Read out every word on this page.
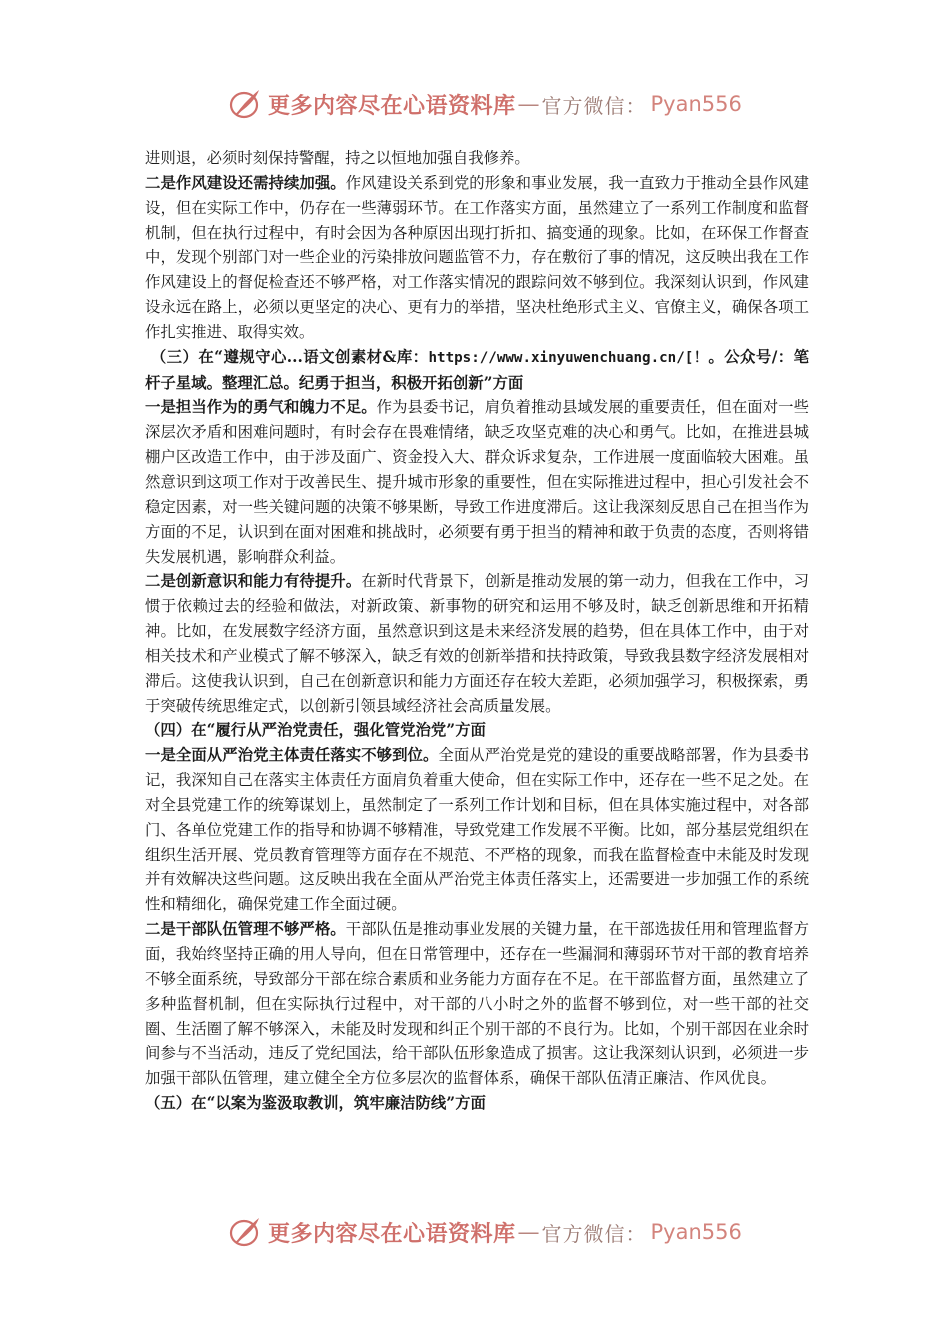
更多内容尽在心语资料库 — 官方微信： Pyan556

进则退，必须时刻保持警醒，持之以恒地加强自我修养。

二是作风建设还需持续加强。作风建设关系到党的形象和事业发展，我一直致力于推动全县作风建设，但在实际工作中，仍存在一些薄弱环节。在工作落实方面，虽然建立了一系列工作制度和监督机制，但在执行过程中，有时会因为各种原因出现打折扣、搞变通的现象。比如，在环保工作督查中，发现个别部门对一些企业的污染排放问题监管不力，存在敷衍了事的情况，这反映出我在工作作风建设上的督促检查还不够严格，对工作落实情况的跟踪问效不够到位。我深刻认识到，作风建设永远在路上，必须以更坚定的决心、更有力的举措，坚决杜绝形式主义、官僚主义，确保各项工作扎实推进、取得实效。

（三）在“遵规守心...语文创素材&库：https://www.xinyuwenchuang.cn/[！。公众号/：笔杆子星域。整理汇总。纪勇于担当，积极开拓创新”方面

一是担当作为的勇气和魄力不足。作为县委书记，肩负着推动县域发展的重要责任，但在面对一些深层次矛盾和困难问题时，有时会存在畏难情绪，缺乏攻坚克难的决心和勇气。比如，在推进县城棚户区改造工作中，由于涉及面广、资金投入大、群众诉求复杂，工作进展一度面临较大困难。虽然意识到这项工作对于改善民生、提升城市形象的重要性，但在实际推进过程中，担心引发社会不稳定因素，对一些关键问题的决策不够果断，导致工作进度滞后。这让我深刻反思自己在担当作为方面的不足，认识到在面对困难和挑战时，必须要有勇于担当的精神和敢于负责的态度，否则将错失发展机遇，影响群众利益。

二是创新意识和能力有待提升。在新时代背景下，创新是推动发展的第一动力，但我在工作中，习惯于依赖过去的经验和做法，对新政策、新事物的研究和运用不够及时，缺乏创新思维和开拓精神。比如，在发展数字经济方面，虽然意识到这是未来经济发展的趋势，但在具体工作中，由于对相关技术和产业模式了解不够深入，缺乏有效的创新举措和扶持政策，导致我县数字经济发展相对滞后。这使我认识到，自己在创新意识和能力方面还存在较大差距，必须加强学习，积极探索，勇于突破传统思维定式，以创新引领县域经济社会高质量发展。

（四）在“履行从严治党责任，强化管党治党”方面

一是全面从严治党主体责任落实不够到位。全面从严治党是党的建设的重要战略部署，作为县委书记，我深知自己在落实主体责任方面肩负着重大使命，但在实际工作中，还存在一些不足之处。在对全县党建工作的统筹谋划上，虽然制定了一系列工作计划和目标，但在具体实施过程中，对各部门、各单位党建工作的指导和协调不够精准，导致党建工作发展不平衡。比如，部分基层党组织在组织生活开展、党员教育管理等方面存在不规范、不严格的现象，而我在监督检查中未能及时发现并有效解决这些问题。这反映出我在全面从严治党主体责任落实上，还需要进一步加强工作的系统性和精细化，确保党建工作全面过硬。

二是干部队伍管理不够严格。干部队伍是推动事业发展的关键力量，在干部选拔任用和管理监督方面，我始终坚持正确的用人导向，但在日常管理中，还存在一些漏洞和薄弱环节对干部的教育培养不够全面系统，导致部分干部在综合素质和业务能力方面存在不足。在干部监督方面，虽然建立了多种监督机制，但在实际执行过程中，对干部的八小时之外的监督不够到位，对一些干部的社交圈、生活圈了解不够深入，未能及时发现和纠正个别干部的不良行为。比如，个别干部因在业余时间参与不当活动，违反了党纪国法，给干部队伍形象造成了损害。这让我深刻认识到，必须进一步加强干部队伍管理，建立健全全方位多层次的监督体系，确保干部队伍清正廉洁、作风优良。

（五）在“以案为鉴汲取教训，筑牢廉洁防线”方面

更多内容尽在心语资料库 — 官方微信： Pyan556
